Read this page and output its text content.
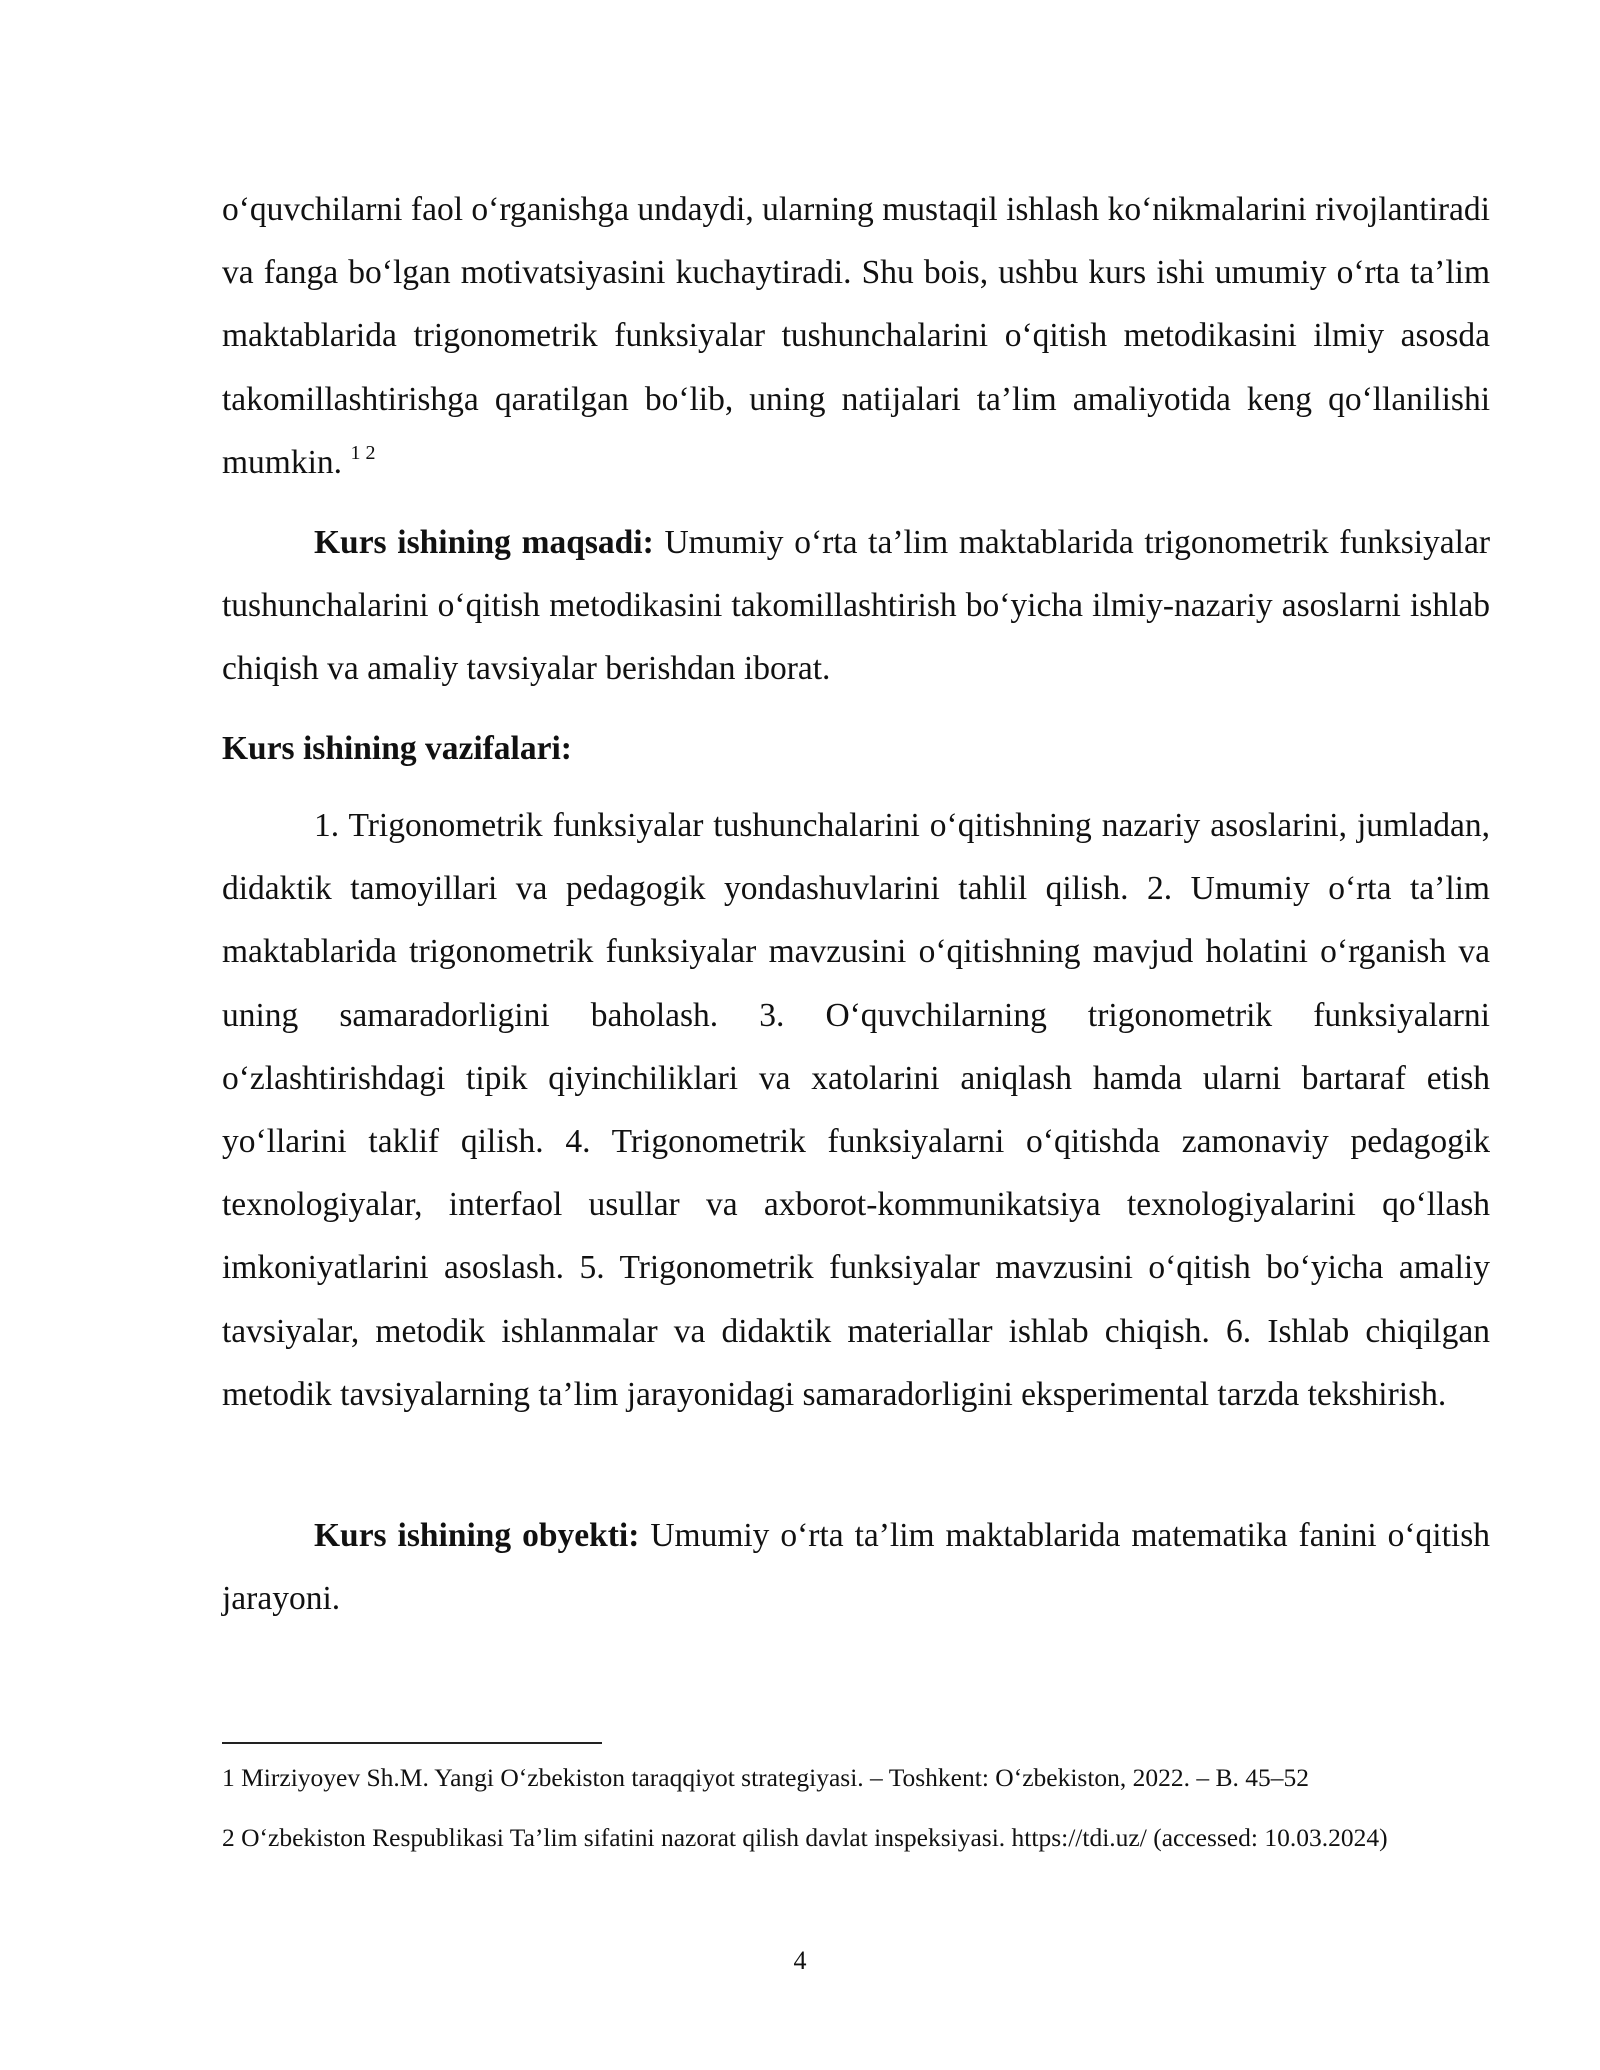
o‘quvchilarni faol o‘rganishga undaydi, ularning mustaqil ishlash ko‘nikmalarini rivojlantiradi va fanga bo‘lgan motivatsiyasini kuchaytiradi. Shu bois, ushbu kurs ishi umumiy o‘rta ta’lim maktablarida trigonometrik funksiyalar tushunchalarini o‘qitish metodikasini ilmiy asosda takomillashtirishga qaratilgan bo‘lib, uning natijalari ta’lim amaliyotida keng qo‘llanilishi mumkin. $^{1 2}$

Kurs ishining maqsadi: Umumiy o‘rta ta’lim maktablarida trigonometrik funksiyalar tushunchalarini o‘qitish metodikasini takomillashtirish bo‘yicha ilmiy-nazariy asoslarni ishlab chiqish va amaliy tavsiyalar berishdan iborat.

Kurs ishining vazifalari:

1. Trigonometrik funksiyalar tushunchalarini o‘qitishning nazariy asoslarini, jumladan, didaktik tamoyillari va pedagogik yondashuvlarini tahlil qilish. 2. Umumiy o‘rta ta’lim maktablarida trigonometrik funksiyalar mavzusini o‘qitishning mavjud holatini o‘rganish va uning samaradorligini baholash. 3. O‘quvchilarning trigonometrik funksiyalarni o‘zlashtirishdagi tipik qiyinchiliklari va xatolarini aniqlash hamda ularni bartaraf etish yo‘llarini taklif qilish. 4. Trigonometrik funksiyalarni o‘qitishda zamonaviy pedagogik texnologiyalar, interfaol usullar va axborot-kommunikatsiya texnologiyalarini qo‘llash imkoniyatlarini asoslash. 5. Trigonometrik funksiyalar mavzusini o‘qitish bo‘yicha amaliy tavsiyalar, metodik ishlanmalar va didaktik materiallar ishlab chiqish. 6. Ishlab chiqilgan metodik tavsiyalarning ta’lim jarayonidagi samaradorligini eksperimental tarzda tekshirish.

Kurs ishining obyekti: Umumiy o‘rta ta’lim maktablarida matematika fanini o‘qitish jarayoni.

1 Mirziyoyev Sh.M. Yangi O‘zbekiston taraqqiyot strategiyasi. – Toshkent: O‘zbekiston, 2022. – B. 45–52

2 O‘zbekiston Respublikasi Ta’lim sifatini nazorat qilish davlat inspeksiyasi. https://tdi.uz/ (accessed: 10.03.2024)

4
